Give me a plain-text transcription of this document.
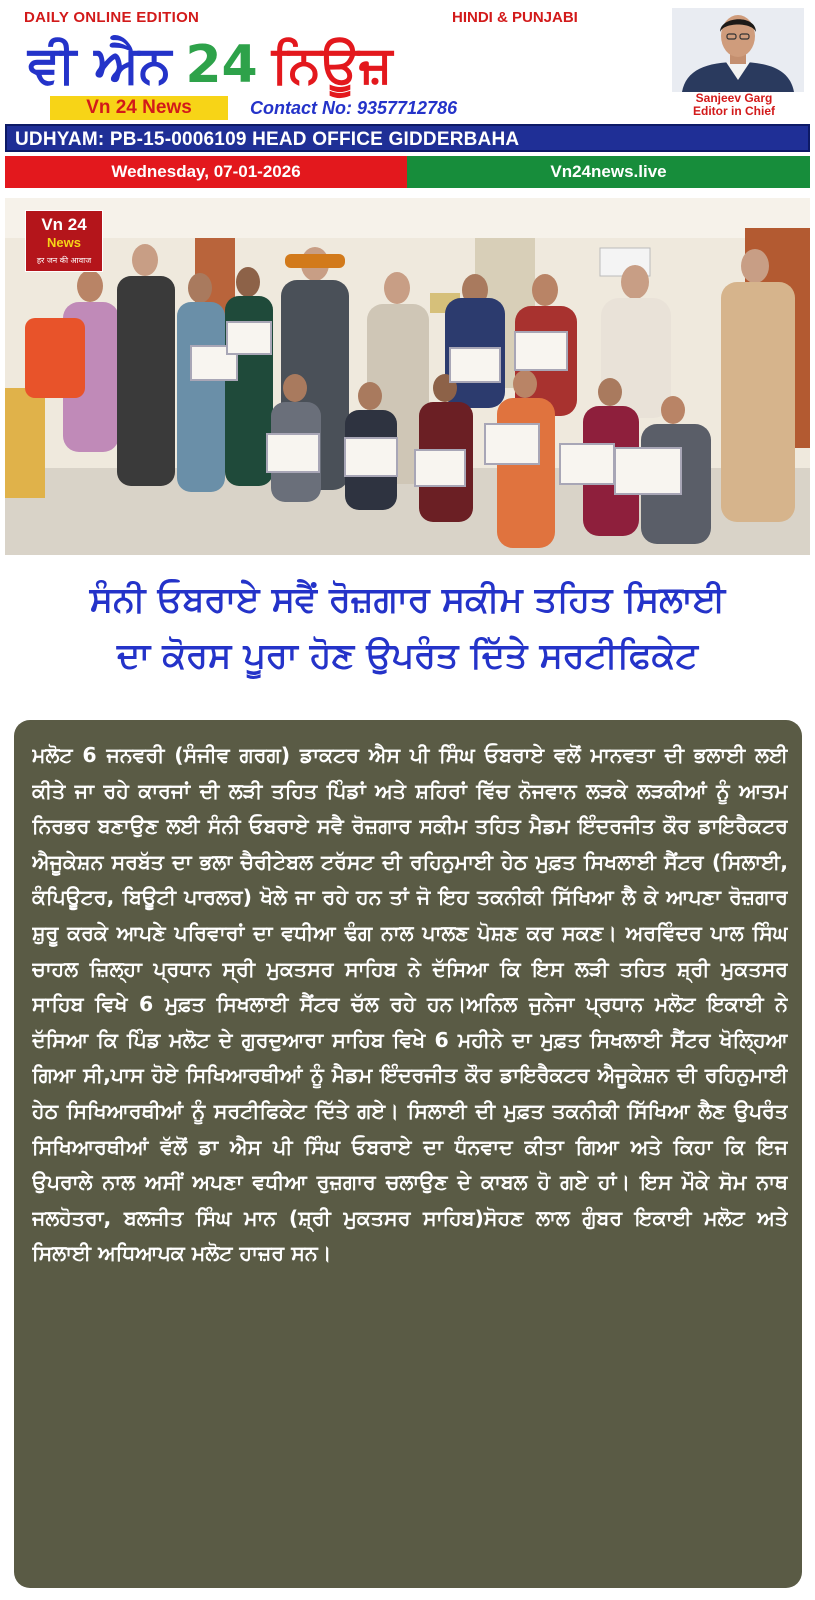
DAILY ONLINE EDITION	HINDI & PUNJABI
ਵੀ ਐਨ 24 ਨਿਊਜ਼
Vn 24 News	Contact No: 9357712786	Sanjeev Garg
Editor in Chief
UDHYAM: PB-15-0006109 HEAD OFFICE GIDDERBAHA
Wednesday, 07-01-2026	Vn24news.live
Vn 24
News
हर जन की आवाज
ਸੰਨੀ ਓਬਰਾਏ ਸਵੈਂ ਰੋਜ਼ਗਾਰ ਸਕੀਮ ਤਹਿਤ ਸਿਲਾਈ
ਦਾ ਕੋਰਸ ਪੂਰਾ ਹੋਣ ਉਪਰੰਤ ਦਿੱਤੇ ਸਰਟੀਫਿਕੇਟ
ਮਲੋਟ 6 ਜਨਵਰੀ (ਸੰਜੀਵ ਗਰਗ) ਡਾਕਟਰ ਐਸ ਪੀ ਸਿੰਘ ਓਬਰਾਏ ਵਲੋਂ ਮਾਨਵਤਾ ਦੀ ਭਲਾਈ ਲਈ ਕੀਤੇ ਜਾ ਰਹੇ ਕਾਰਜਾਂ ਦੀ ਲੜੀ ਤਹਿਤ ਪਿੰਡਾਂ ਅਤੇ ਸ਼ਹਿਰਾਂ ਵਿੱਚ ਨੋਜਵਾਨ ਲੜਕੇ ਲੜਕੀਆਂ ਨੂੰ ਆਤਮ ਨਿਰਭਰ ਬਣਾਉਣ ਲਈ ਸੰਨੀ ਓਬਰਾਏ ਸਵੈ ਰੋਜ਼ਗਾਰ ਸਕੀਮ ਤਹਿਤ ਮੈਡਮ ਇੰਦਰਜੀਤ ਕੌਰ ਡਾਇਰੈਕਟਰ ਐਜੂਕੇਸ਼ਨ ਸਰਬੱਤ ਦਾ ਭਲਾ ਚੈਰੀਟੇਬਲ ਟਰੱਸਟ ਦੀ ਰਹਿਨੁਮਾਈ ਹੇਠ ਮੁਫ਼ਤ ਸਿਖਲਾਈ ਸੈਂਟਰ (ਸਿਲਾਈ, ਕੰਪਿਊਟਰ, ਬਿਊਟੀ ਪਾਰਲਰ) ਖੋਲੇ ਜਾ ਰਹੇ ਹਨ ਤਾਂ ਜੋ ਇਹ ਤਕਨੀਕੀ ਸਿੱਖਿਆ ਲੈ ਕੇ ਆਪਣਾ ਰੋਜ਼ਗਾਰ ਸ਼ੁਰੂ ਕਰਕੇ ਆਪਣੇ ਪਰਿਵਾਰਾਂ ਦਾ ਵਧੀਆ ਢੰਗ ਨਾਲ ਪਾਲਣ ਪੋਸ਼ਣ ਕਰ ਸਕਣ। ਅਰਵਿੰਦਰ ਪਾਲ ਸਿੰਘ ਚਾਹਲ ਜ਼ਿਲ੍ਹਾ ਪ੍ਰਧਾਨ ਸ੍ਰੀ ਮੁਕਤਸਰ ਸਾਹਿਬ ਨੇ ਦੱਸਿਆ ਕਿ ਇਸ ਲੜੀ ਤਹਿਤ ਸ਼੍ਰੀ ਮੁਕਤਸਰ ਸਾਹਿਬ ਵਿਖੇ 6 ਮੁਫ਼ਤ ਸਿਖਲਾਈ ਸੈਂਟਰ ਚੱਲ ਰਹੇ ਹਨ।ਅਨਿਲ ਜੁਨੇਜਾ ਪ੍ਰਧਾਨ ਮਲੋਟ ਇਕਾਈ ਨੇ ਦੱਸਿਆ ਕਿ ਪਿੰਡ ਮਲੋਟ ਦੇ ਗੁਰਦੁਆਰਾ ਸਾਹਿਬ ਵਿਖੇ 6 ਮਹੀਨੇ ਦਾ ਮੁਫ਼ਤ ਸਿਖਲਾਈ ਸੈਂਟਰ ਖੋਲ੍ਹਿਆ ਗਿਆ ਸੀ,ਪਾਸ ਹੋਏ ਸਿਖਿਆਰਥੀਆਂ ਨੂੰ ਮੈਡਮ ਇੰਦਰਜੀਤ ਕੌਰ ਡਾਇਰੈਕਟਰ ਐਜੂਕੇਸ਼ਨ ਦੀ ਰਹਿਨੁਮਾਈ ਹੇਠ ਸਿਖਿਆਰਥੀਆਂ ਨੂੰ ਸਰਟੀਫਿਕੇਟ ਦਿੱਤੇ ਗਏ। ਸਿਲਾਈ ਦੀ ਮੁਫ਼ਤ ਤਕਨੀਕੀ ਸਿੱਖਿਆ ਲੈਣ ਉਪਰੰਤ ਸਿਖਿਆਰਥੀਆਂ ਵੱਲੋਂ ਡਾ ਐਸ ਪੀ ਸਿੰਘ ਓਬਰਾਏ ਦਾ ਧੰਨਵਾਦ ਕੀਤਾ ਗਿਆ ਅਤੇ ਕਿਹਾ ਕਿ ਇਜ ਉਪਰਾਲੇ ਨਾਲ ਅਸੀਂ ਅਪਣਾ ਵਧੀਆ ਰੁਜ਼ਗਾਰ ਚਲਾਉਣ ਦੇ ਕਾਬਲ ਹੋ ਗਏ ਹਾਂ। ਇਸ ਮੌਕੇ ਸੋਮ ਨਾਥ ਜਲਹੋਤਰਾ, ਬਲਜੀਤ ਸਿੰਘ ਮਾਨ (ਸ਼੍ਰੀ ਮੁਕਤਸਰ ਸਾਹਿਬ)ਸੋਹਣ ਲਾਲ ਗੁੰਬਰ ਇਕਾਈ ਮਲੋਟ ਅਤੇ ਸਿਲਾਈ ਅਧਿਆਪਕ ਮਲੋਟ ਹਾਜ਼ਰ ਸਨ।
